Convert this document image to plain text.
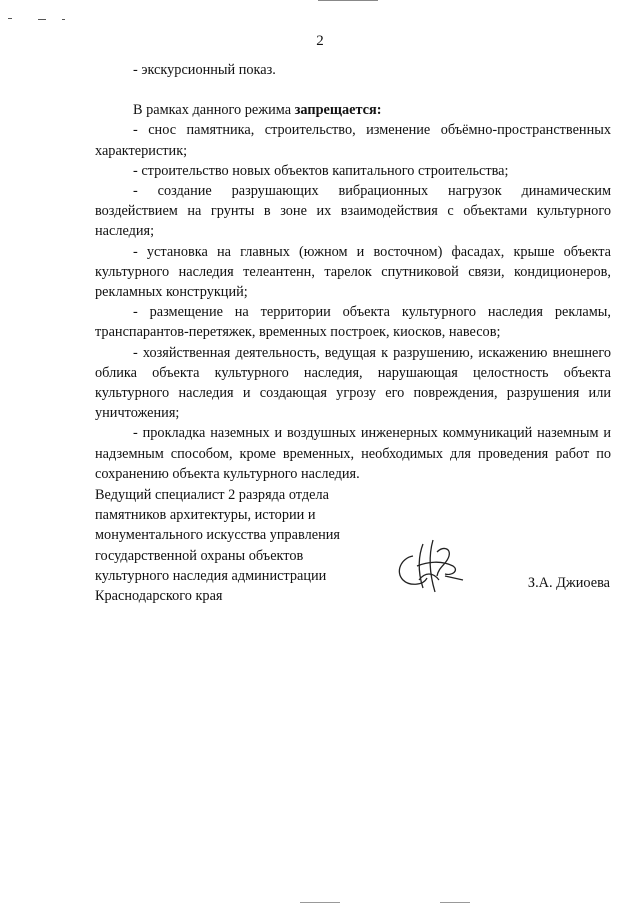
2

- экскурсионный показ.

В рамках данного режима запрещается:

- снос памятника, строительство, изменение объёмно-пространственных характеристик;

- строительство новых объектов капитального строительства;

- создание разрушающих вибрационных нагрузок динамическим воздействием на грунты в зоне их взаимодействия с объектами культурного наследия;

- установка на главных (южном и восточном) фасадах, крыше объекта культурного наследия телеантенн, тарелок спутниковой связи, кондиционеров, рекламных конструкций;

- размещение на территории объекта культурного наследия рекламы, транспарантов-перетяжек, временных построек, киосков, навесов;

- хозяйственная деятельность, ведущая к разрушению, искажению внешнего облика объекта культурного наследия, нарушающая целостность объекта культурного наследия и создающая угрозу его повреждения, разрушения или уничтожения;

- прокладка наземных и воздушных инженерных коммуникаций наземным и надземным способом, кроме временных, необходимых для проведения работ по сохранению объекта культурного наследия.

Ведущий специалист 2 разряда отдела
памятников архитектуры, истории и
монументального искусства управления
государственной охраны объектов
культурного наследия администрации
Краснодарского края
З.А. Джиоева
